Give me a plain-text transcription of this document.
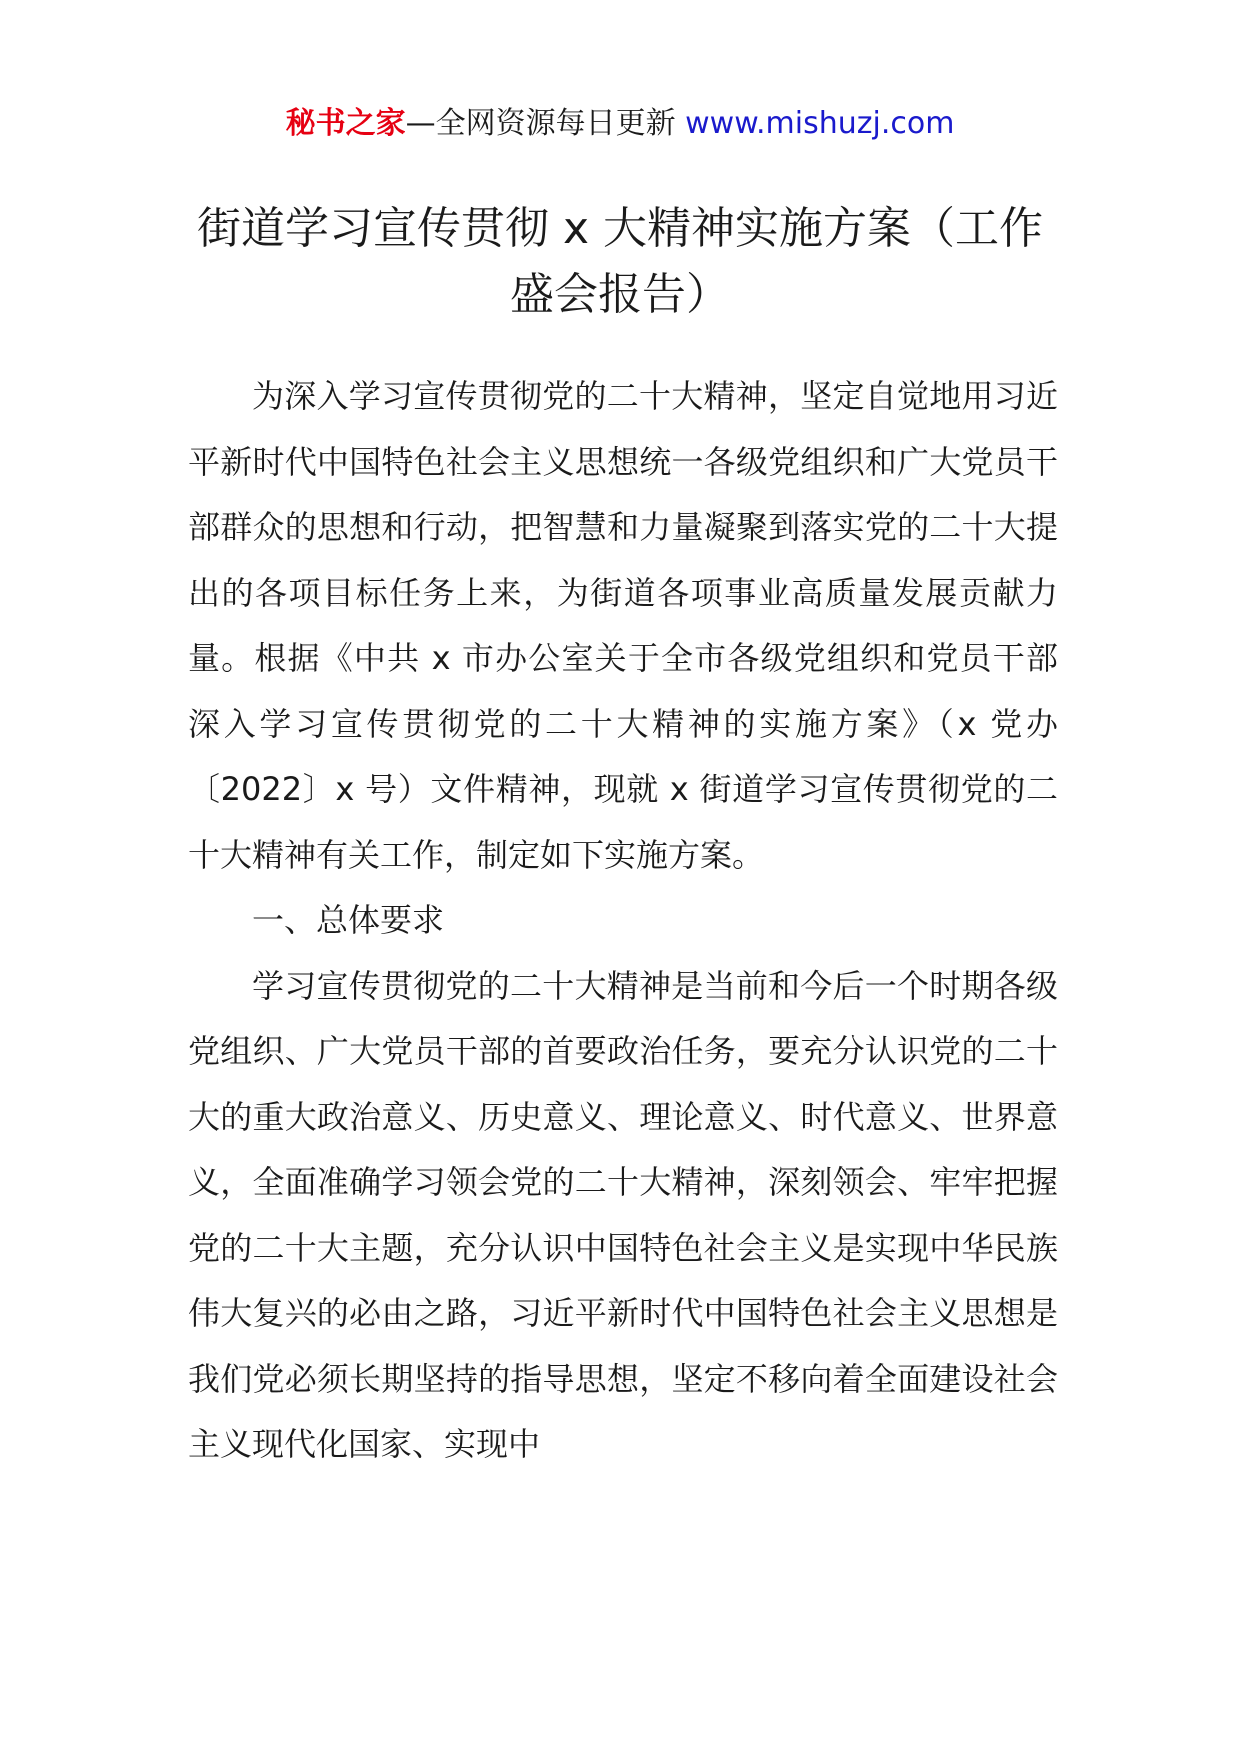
秘书之家—全网资源每日更新 www.mishuzj.com
街道学习宣传贯彻 x 大精神实施方案（工作盛会报告）

为深入学习宣传贯彻党的二十大精神，坚定自觉地用习近平新时代中国特色社会主义思想统一各级党组织和广大党员干部群众的思想和行动，把智慧和力量凝聚到落实党的二十大提出的各项目标任务上来，为街道各项事业高质量发展贡献力量。根据《中共 x 市办公室关于全市各级党组织和党员干部深入学习宣传贯彻党的二十大精神的实施方案》（x 党办〔2022〕x 号）文件精神，现就 x 街道学习宣传贯彻党的二十大精神有关工作，制定如下实施方案。

一、总体要求

学习宣传贯彻党的二十大精神是当前和今后一个时期各级党组织、广大党员干部的首要政治任务，要充分认识党的二十大的重大政治意义、历史意义、理论意义、时代意义、世界意义，全面准确学习领会党的二十大精神，深刻领会、牢牢把握党的二十大主题，充分认识中国特色社会主义是实现中华民族伟大复兴的必由之路，习近平新时代中国特色社会主义思想是我们党必须长期坚持的指导思想，坚定不移向着全面建设社会主义现代化国家、实现中
